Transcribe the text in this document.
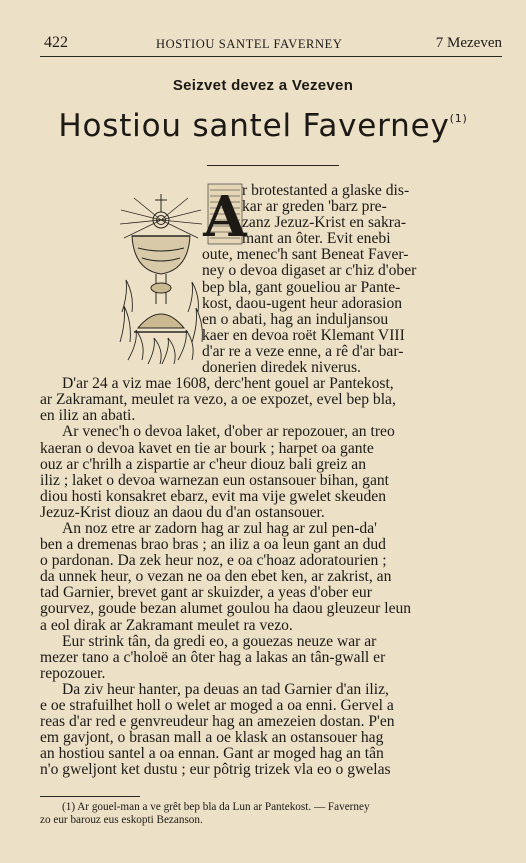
422	HOSTIOU SANTEL FAVERNEY	7 Mezeven
Seizvet devez a Vezeven
Hostiou santel Faverney$^{(1)}$
A
r brotestanted a glaske dis-
kar ar greden 'barz pre-
zanz Jezuz-Krist en sakra-
mant an ôter. Evit enebi
oute, menec'h sant Beneat Faver-
ney o devoa digaset ar c'hiz d'ober
bep bla, gant goueliou ar Pante-
kost, daou-ugent heur adorasion
en o abati, hag an induljansou
kaer en devoa roët Klemant VIII
d'ar re a veze enne, a rê d'ar bar-
donerien diredek niverus.
D'ar 24 a viz mae 1608, derc'hent gouel ar Pantekost,
ar Zakramant, meulet ra vezo, a oe expozet, evel bep bla,
en iliz an abati.
Ar venec'h o devoa laket, d'ober ar repozouer, an treo
kaeran o devoa kavet en tie ar bourk ; harpet oa gante
ouz ar c'hrilh a zispartie ar c'heur diouz bali greiz an
iliz ; laket o devoa warnezan eun ostansouer bihan, gant
diou hosti konsakret ebarz, evit ma vije gwelet skeuden
Jezuz-Krist diouz an daou du d'an ostansouer.
An noz etre ar zadorn hag ar zul hag ar zul pen-da'
ben a dremenas brao bras ; an iliz a oa leun gant an dud
o pardonan. Da zek heur noz, e oa c'hoaz adoratourien ;
da unnek heur, o vezan ne oa den ebet ken, ar zakrist, an
tad Garnier, brevet gant ar skuizder, a yeas d'ober eur
gourvez, goude bezan alumet goulou ha daou gleuzeur leun
a eol dirak ar Zakramant meulet ra vezo.
Eur strink tân, da gredi eo, a gouezas neuze war ar
mezer tano a c'holoë an ôter hag a lakas an tân-gwall er
repozouer.
Da ziv heur hanter, pa deuas an tad Garnier d'an iliz,
e oe strafuilhet holl o welet ar moged a oa enni. Gervel a
reas d'ar red e genvreudeur hag an amezeien dostan. P'en
em gavjont, o brasan mall a oe klask an ostansouer hag
an hostiou santel a oa ennan. Gant ar moged hag an tân
n'o gweljont ket dustu ; eur pôtrig trizek vla eo o gwelas
(1) Ar gouel-man a ve grêt bep bla da Lun ar Pantekost. — Faverney
zo eur barouz eus eskopti Bezanson.
